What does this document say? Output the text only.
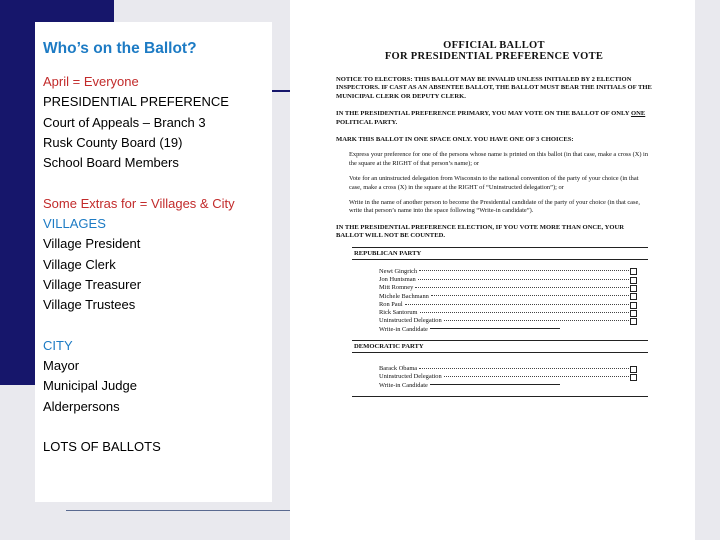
Who’s on the Ballot?
April = Everyone
PRESIDENTIAL PREFERENCE
Court of Appeals – Branch 3
Rusk County Board (19)
School Board Members
Some Extras for = Villages & City
VILLAGES
Village President
Village Clerk
Village Treasurer
Village Trustees
CITY
Mayor
Municipal Judge
Alderpersons
LOTS OF BALLOTS
OFFICIAL BALLOT
FOR PRESIDENTIAL PREFERENCE VOTE
NOTICE TO ELECTORS: THIS BALLOT MAY BE INVALID UNLESS INITIALED BY 2 ELECTION INSPECTORS. IF CAST AS AN ABSENTEE BALLOT, THE BALLOT MUST BEAR THE INITIALS OF THE MUNICIPAL CLERK OR DEPUTY CLERK.
IN THE PRESIDENTIAL PREFERENCE PRIMARY, YOU MAY VOTE ON THE BALLOT OF ONLY ONE POLITICAL PARTY.
MARK THIS BALLOT IN ONE SPACE ONLY. YOU HAVE ONE OF 3 CHOICES:
Express your preference for one of the persons whose name is printed on this ballot (in that case, make a cross (X) in the square at the RIGHT of that person’s name); or
Vote for an uninstructed delegation from Wisconsin to the national convention of the party of your choice (in that case, make a cross (X) in the square at the RIGHT of “Uninstructed delegation”); or
Write in the name of another person to become the Presidential candidate of the party of your choice (in that case, write that person’s name into the space following “Write-in candidate”).
IN THE PRESIDENTIAL PREFERENCE ELECTION, IF YOU VOTE MORE THAN ONCE, YOUR BALLOT WILL NOT BE COUNTED.
REPUBLICAN PARTY
Newt Gingrich
Jon Huntsman
Mitt Romney
Michele Bachmann
Ron Paul
Rick Santorum
Uninstructed Delegation
Write-in Candidate
DEMOCRATIC PARTY
Barack Obama
Uninstructed Delegation
Write-in Candidate
